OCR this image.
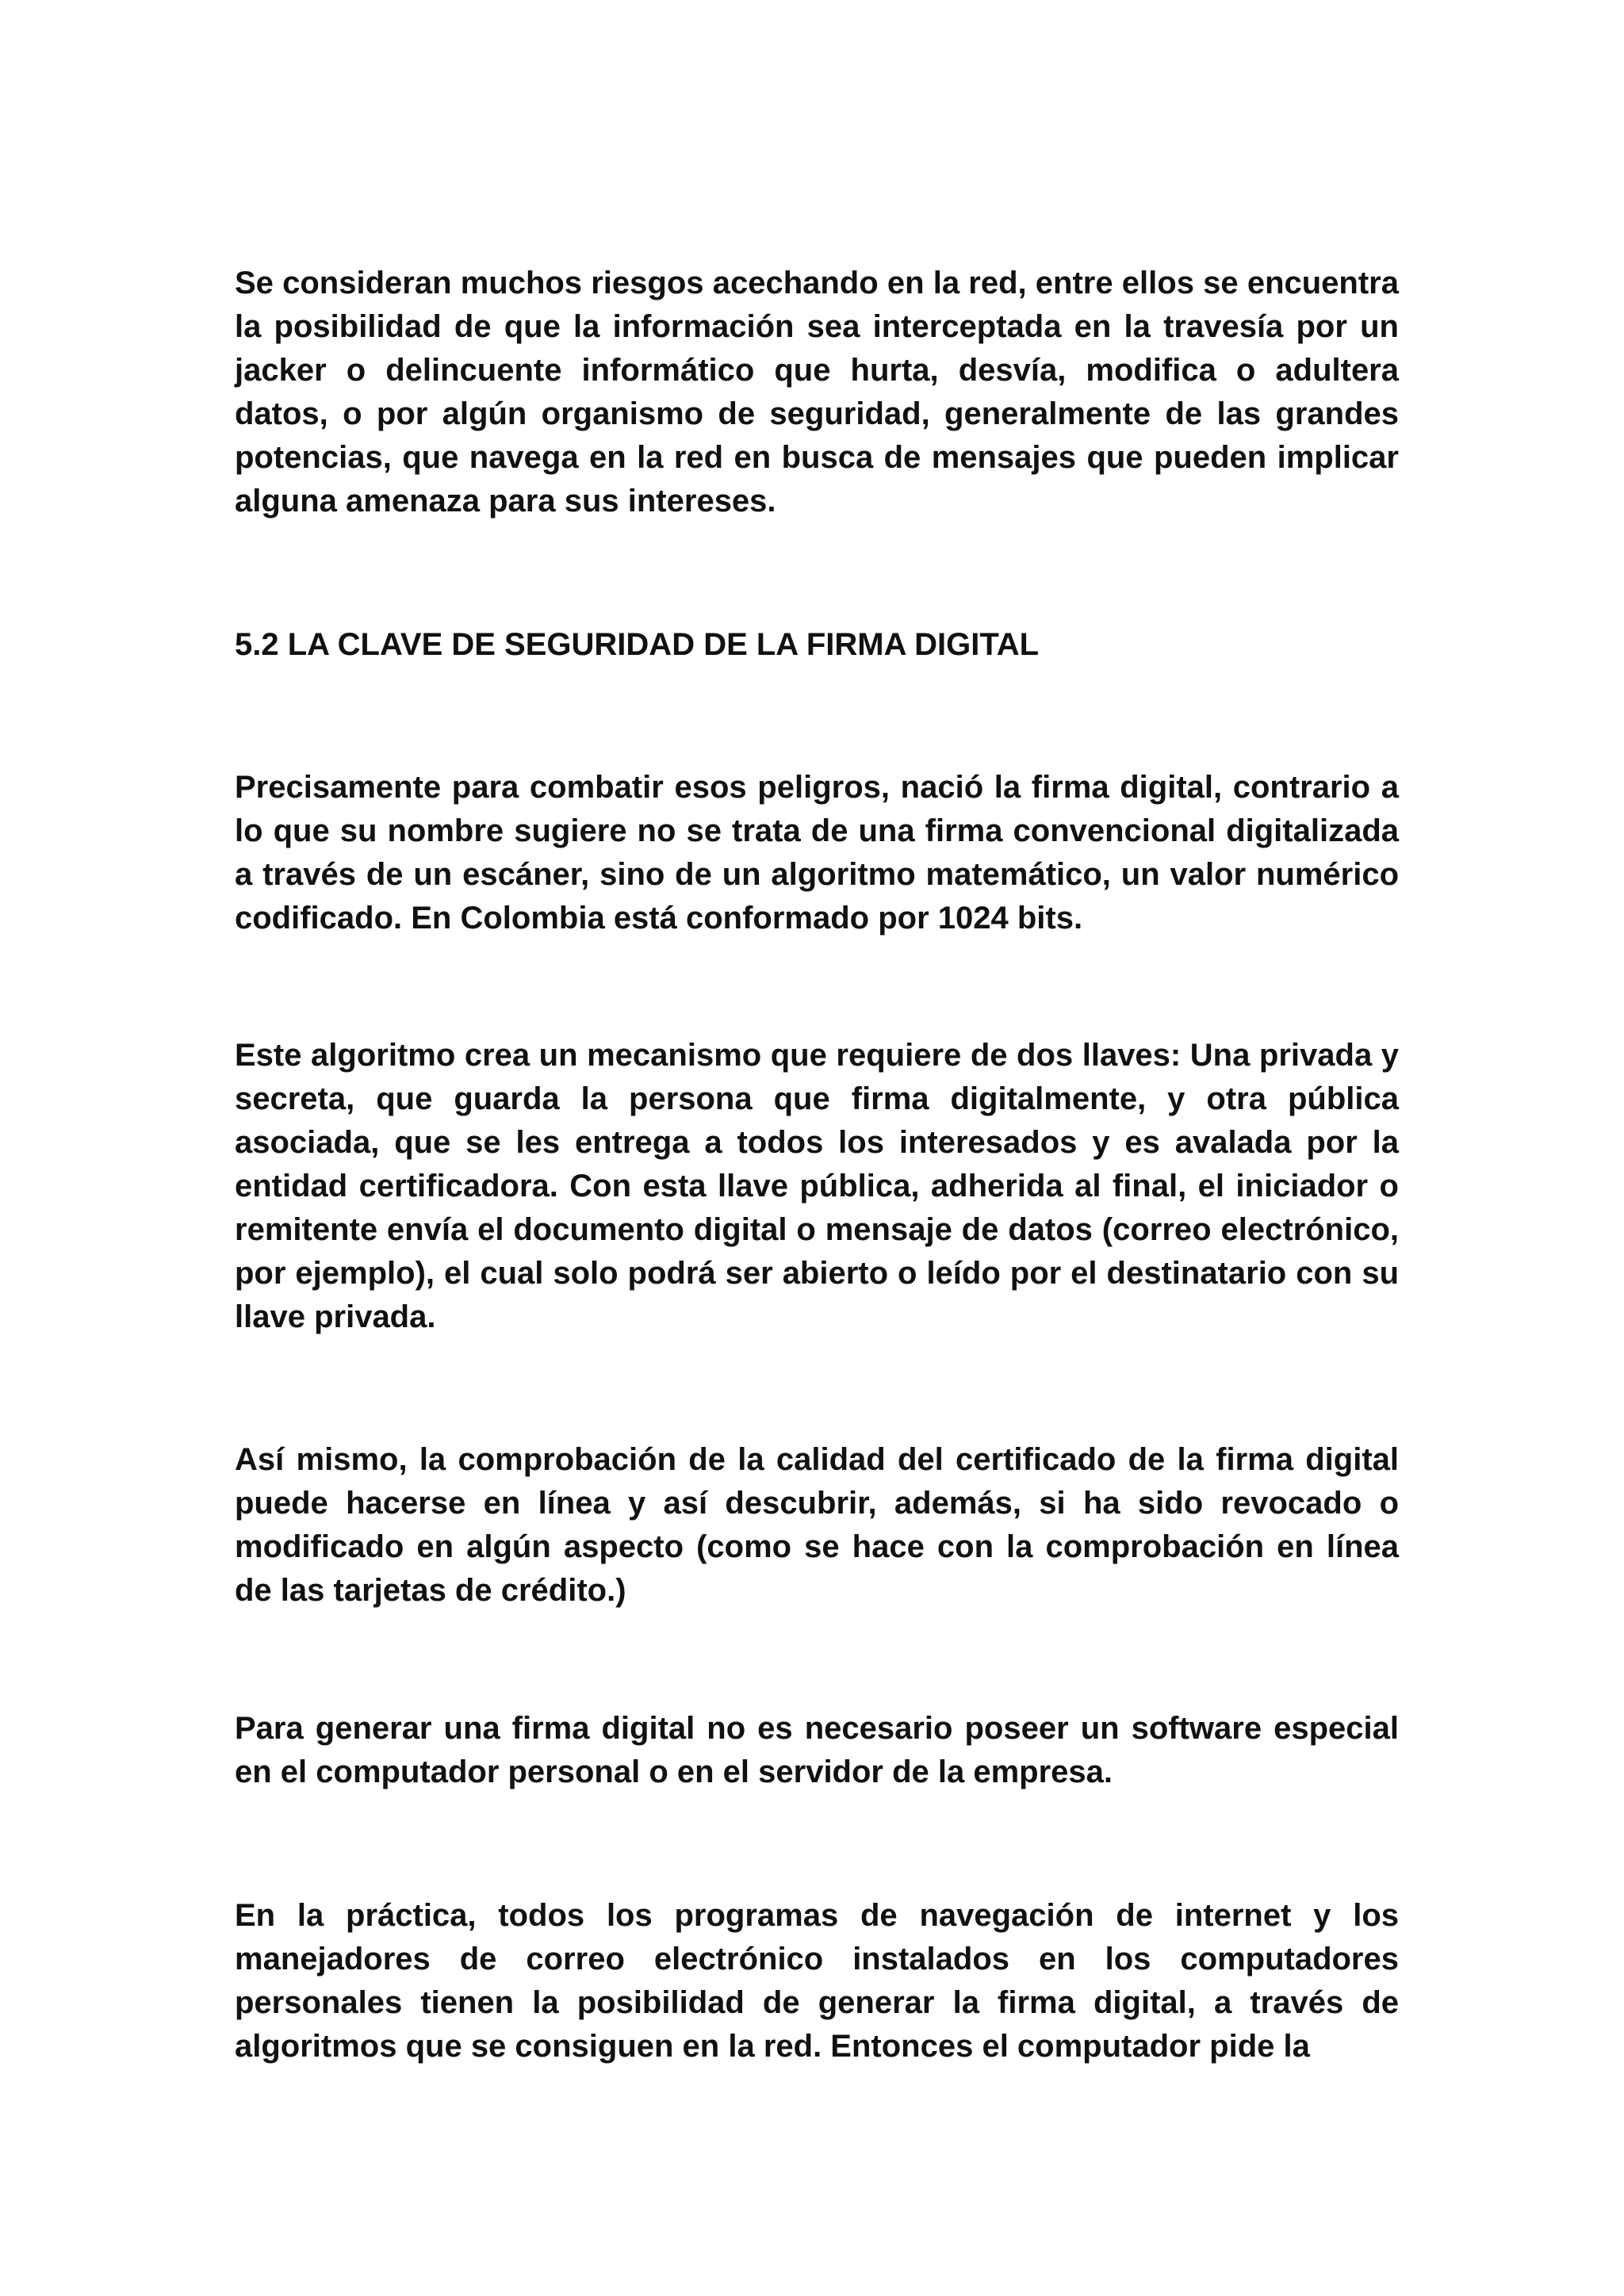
Se consideran muchos riesgos acechando en la red, entre ellos se encuentra la posibilidad de que la información sea interceptada en la travesía por un jacker o delincuente informático que hurta, desvía, modifica o adultera datos, o por algún organismo de seguridad, generalmente de las grandes potencias, que navega en la red en busca de mensajes que pueden implicar alguna amenaza para sus intereses.

5.2 LA CLAVE DE SEGURIDAD DE LA FIRMA DIGITAL

Precisamente para combatir esos peligros, nació la firma digital, contrario a lo que su nombre sugiere no se trata de una firma convencional digitalizada a través de un escáner, sino de un algoritmo matemático, un valor numérico codificado. En Colombia está conformado por 1024 bits.

Este algoritmo crea un mecanismo que requiere de dos llaves: Una privada y secreta, que guarda la persona que firma digitalmente, y otra pública asociada, que se les entrega a todos los interesados y es avalada por la entidad certificadora. Con esta llave pública, adherida al final, el iniciador o remitente envía el documento digital o mensaje de datos (correo electrónico, por ejemplo), el cual solo podrá ser abierto o leído por el destinatario con su llave privada.

Así mismo, la comprobación de la calidad del certificado de la firma digital puede hacerse en línea y así descubrir, además, si ha sido revocado o modificado en algún aspecto (como se hace con la comprobación en línea de las tarjetas de crédito.)

Para generar una firma digital no es necesario poseer un software especial en el computador personal o en el servidor de la empresa.

En la práctica, todos los programas de navegación de internet y los manejadores de correo electrónico instalados en los computadores personales tienen la posibilidad de generar la firma digital, a través de algoritmos que se consiguen en la red. Entonces el computador pide la
